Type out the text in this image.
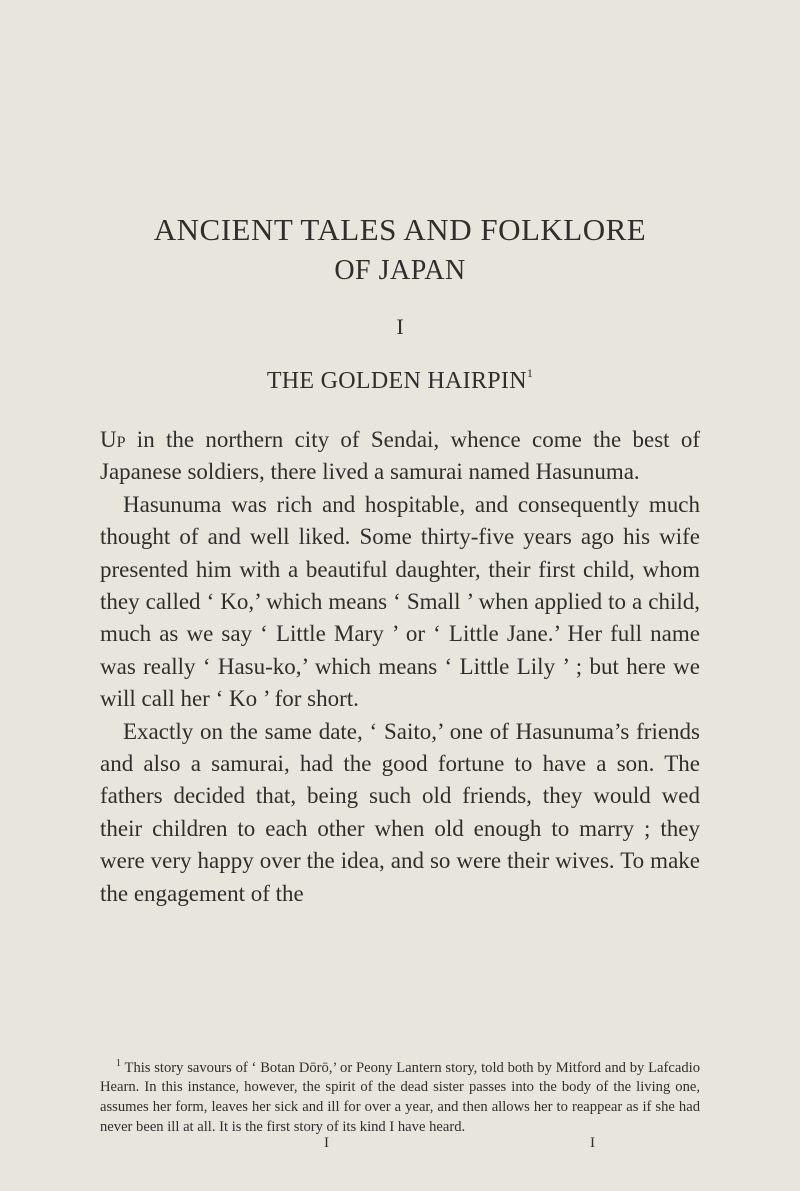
ANCIENT TALES AND FOLKLORE
OF JAPAN
I
THE GOLDEN HAIRPIN$^1$

Up in the northern city of Sendai, whence come the best of Japanese soldiers, there lived a samurai named Hasunuma.

Hasunuma was rich and hospitable, and consequently much thought of and well liked. Some thirty-five years ago his wife presented him with a beautiful daughter, their first child, whom they called ‘ Ko,’ which means ‘ Small ’ when applied to a child, much as we say ‘ Little Mary ’ or ‘ Little Jane.’ Her full name was really ‘ Hasu-ko,’ which means ‘ Little Lily ’ ; but here we will call her ‘ Ko ’ for short.

Exactly on the same date, ‘ Saito,’ one of Hasunuma’s friends and also a samurai, had the good fortune to have a son. The fathers decided that, being such old friends, they would wed their children to each other when old enough to marry ; they were very happy over the idea, and so were their wives. To make the engagement of the

$^1$ This story savours of ‘ Botan Dōrō,’ or Peony Lantern story, told both by Mitford and by Lafcadio Hearn. In this instance, however, the spirit of the dead sister passes into the body of the living one, assumes her form, leaves her sick and ill for over a year, and then allows her to reappear as if she had never been ill at all. It is the first story of its kind I have heard.

I	I
